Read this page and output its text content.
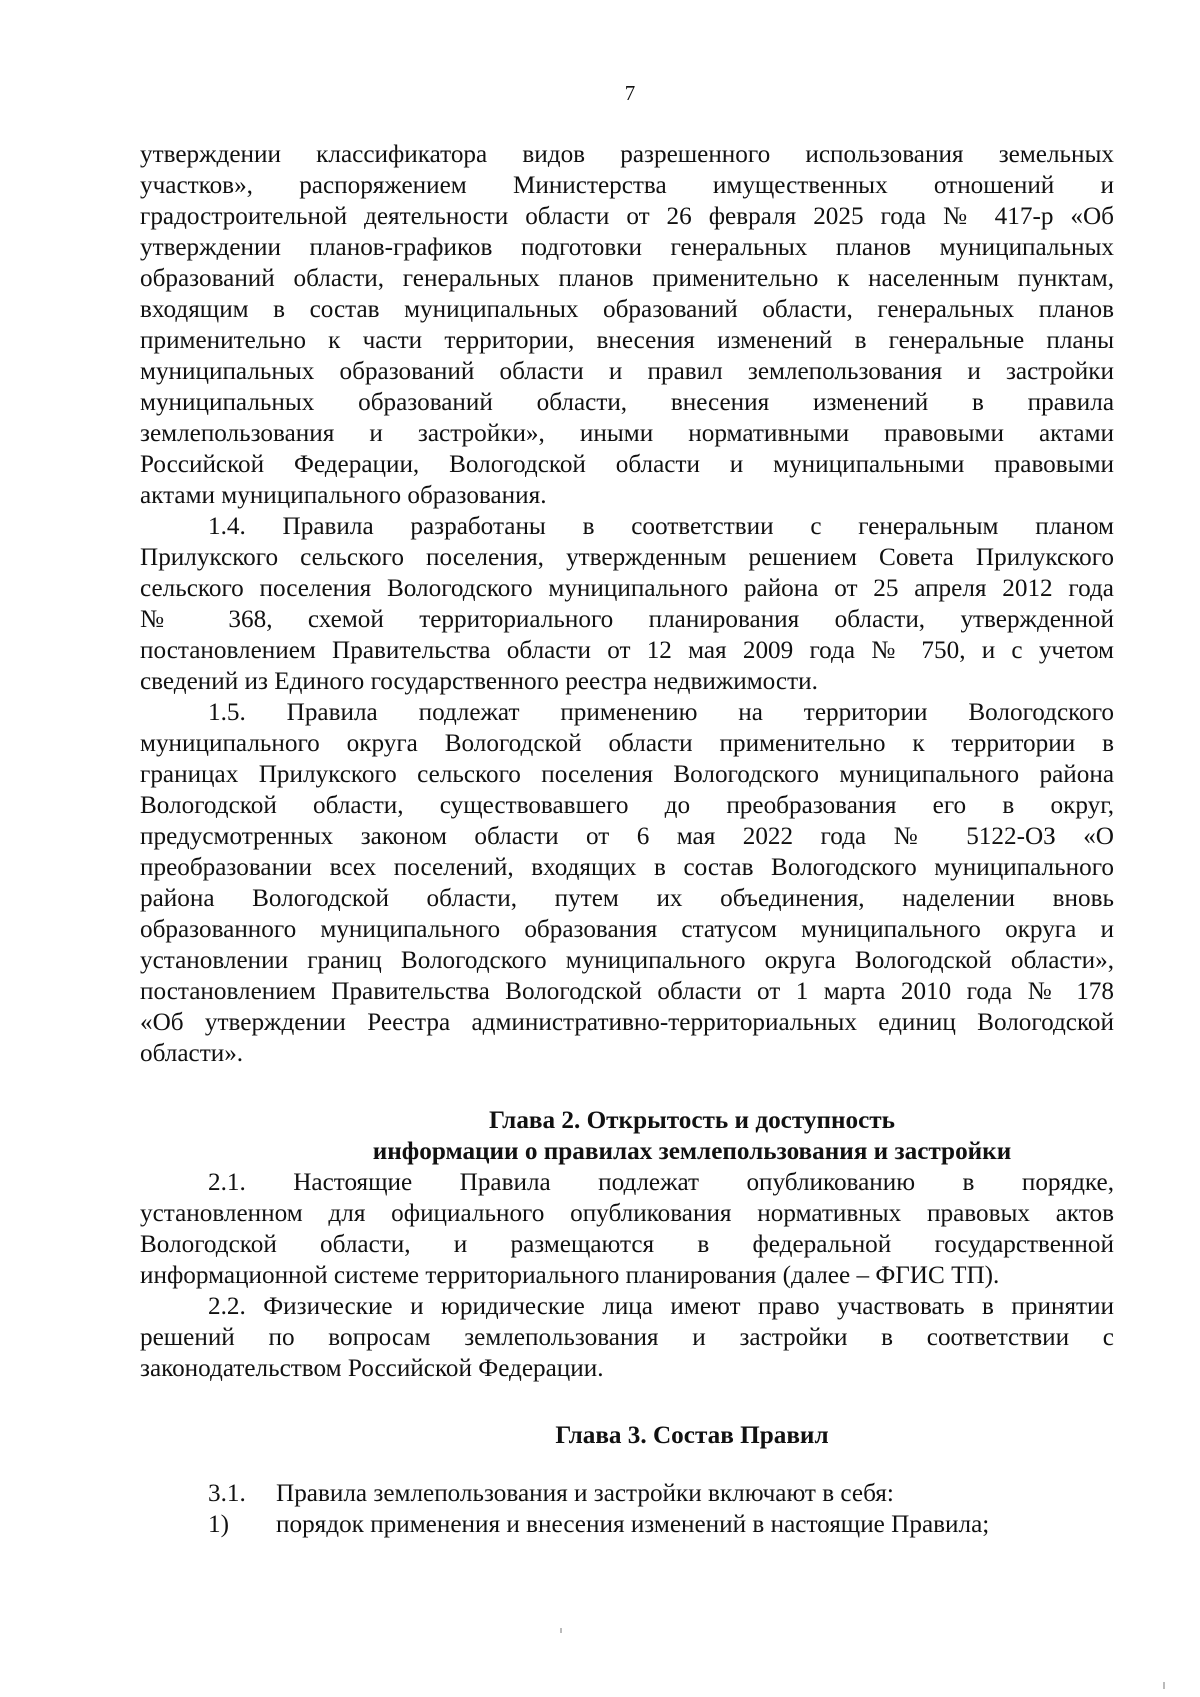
7
утверждении классификатора видов разрешенного использования земельных
участков», распоряжением Министерства имущественных отношений и
градостроительной деятельности области от 26 февраля 2025 года № 417-р «Об
утверждении планов-графиков подготовки генеральных планов муниципальных
образований области, генеральных планов применительно к населенным пунктам,
входящим в состав муниципальных образований области, генеральных планов
применительно к части территории, внесения изменений в генеральные планы
муниципальных образований области и правил землепользования и застройки
муниципальных образований области, внесения изменений в правила
землепользования и застройки», иными нормативными правовыми актами
Российской Федерации, Вологодской области и муниципальными правовыми
актами муниципального образования.
1.4. Правила разработаны в соответствии с генеральным планом
Прилукского сельского поселения, утвержденным решением Совета Прилукского
сельского поселения Вологодского муниципального района от 25 апреля 2012 года
№ 368, схемой территориального планирования области, утвержденной
постановлением Правительства области от 12 мая 2009 года № 750, и с учетом
сведений из Единого государственного реестра недвижимости.
1.5. Правила подлежат применению на территории Вологодского
муниципального округа Вологодской области применительно к территории в
границах Прилукского сельского поселения Вологодского муниципального района
Вологодской области, существовавшего до преобразования его в округ,
предусмотренных законом области от 6 мая 2022 года № 5122-ОЗ «О
преобразовании всех поселений, входящих в состав Вологодского муниципального
района Вологодской области, путем их объединения, наделении вновь
образованного муниципального образования статусом муниципального округа и
установлении границ Вологодского муниципального округа Вологодской области»,
постановлением Правительства Вологодской области от 1 марта 2010 года № 178
«Об утверждении Реестра административно-территориальных единиц Вологодской
области».
Глава 2. Открытость и доступность
информации о правилах землепользования и застройки
2.1. Настоящие Правила подлежат опубликованию в порядке,
установленном для официального опубликования нормативных правовых актов
Вологодской области, и размещаются в федеральной государственной
информационной системе территориального планирования (далее – ФГИС ТП).
2.2. Физические и юридические лица имеют право участвовать в принятии
решений по вопросам землепользования и застройки в соответствии с
законодательством Российской Федерации.
Глава 3. Состав Правил
3.1.	Правила землепользования и застройки включают в себя:
1)	порядок применения и внесения изменений в настоящие Правила;
